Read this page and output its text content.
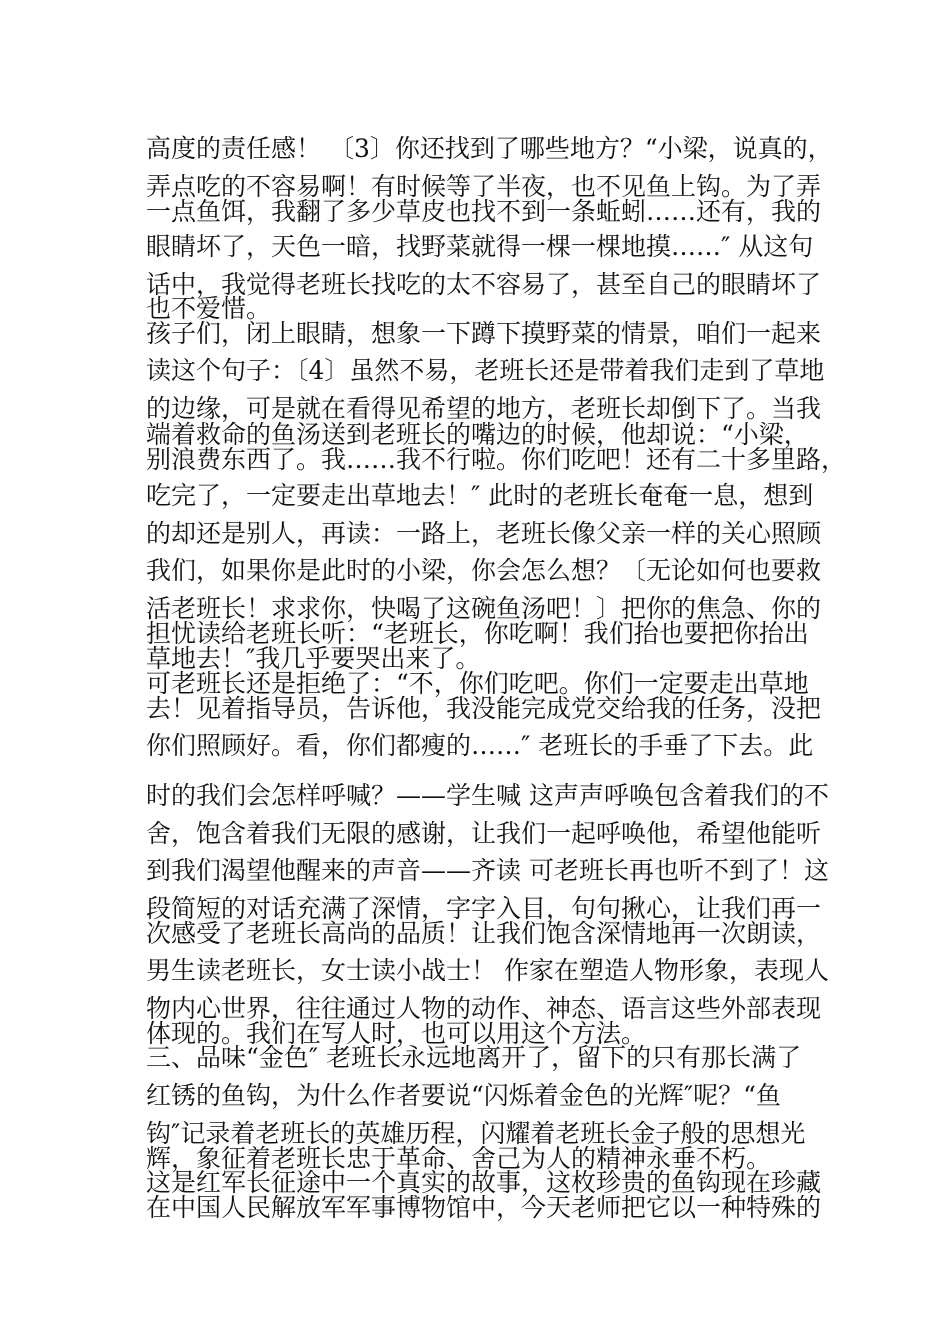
高度的责任感！ 〔3〕你还找到了哪些地方？“小梁，说真的，
弄点吃的不容易啊！有时候等了半夜，也不见鱼上钩。为了弄
一点鱼饵，我翻了多少草皮也找不到一条蚯蚓……还有，我的
眼睛坏了，天色一暗，找野菜就得一棵一棵地摸……″ 从这句
话中，我觉得老班长找吃的太不容易了，甚至自己的眼睛坏了
也不爱惜。
孩子们，闭上眼睛，想象一下蹲下摸野菜的情景，咱们一起来
读这个句子：〔4〕虽然不易，老班长还是带着我们走到了草地
的边缘，可是就在看得见希望的地方，老班长却倒下了。当我
端着救命的鱼汤送到老班长的嘴边的时候，他却说：“小梁，
别浪费东西了。我……我不行啦。你们吃吧！还有二十多里路，
吃完了，一定要走出草地去！″ 此时的老班长奄奄一息，想到
的却还是别人，再读：一路上，老班长像父亲一样的关心照顾
我们，如果你是此时的小梁，你会怎么想？〔无论如何也要救
活老班长！求求你，快喝了这碗鱼汤吧！〕把你的焦急、你的
担忧读给老班长听：“老班长，你吃啊！我们抬也要把你抬出
草地去！″我几乎要哭出来了。
可老班长还是拒绝了：“不，你们吃吧。你们一定要走出草地
去！见着指导员，告诉他，我没能完成党交给我的任务，没把
你们照顾好。看，你们都瘦的……″ 老班长的手垂了下去。此
时的我们会怎样呼喊？——学生喊 这声声呼唤包含着我们的不
舍，饱含着我们无限的感谢，让我们一起呼唤他，希望他能听
到我们渴望他醒来的声音——齐读 可老班长再也听不到了！这
段简短的对话充满了深情，字字入目，句句揪心，让我们再一
次感受了老班长高尚的品质！让我们饱含深情地再一次朗读，
男生读老班长，女士读小战士！ 作家在塑造人物形象，表现人
物内心世界，往往通过人物的动作、神态、语言这些外部表现
体现的。我们在写人时，也可以用这个方法。
三、品味“金色″ 老班长永远地离开了，留下的只有那长满了
红锈的鱼钩，为什么作者要说“闪烁着金色的光辉″呢？“鱼
钩″记录着老班长的英雄历程，闪耀着老班长金子般的思想光
辉，象征着老班长忠于革命、舍己为人的精神永垂不朽。
这是红军长征途中一个真实的故事，这枚珍贵的鱼钩现在珍藏
在中国人民解放军军事博物馆中，今天老师把它以一种特殊的
